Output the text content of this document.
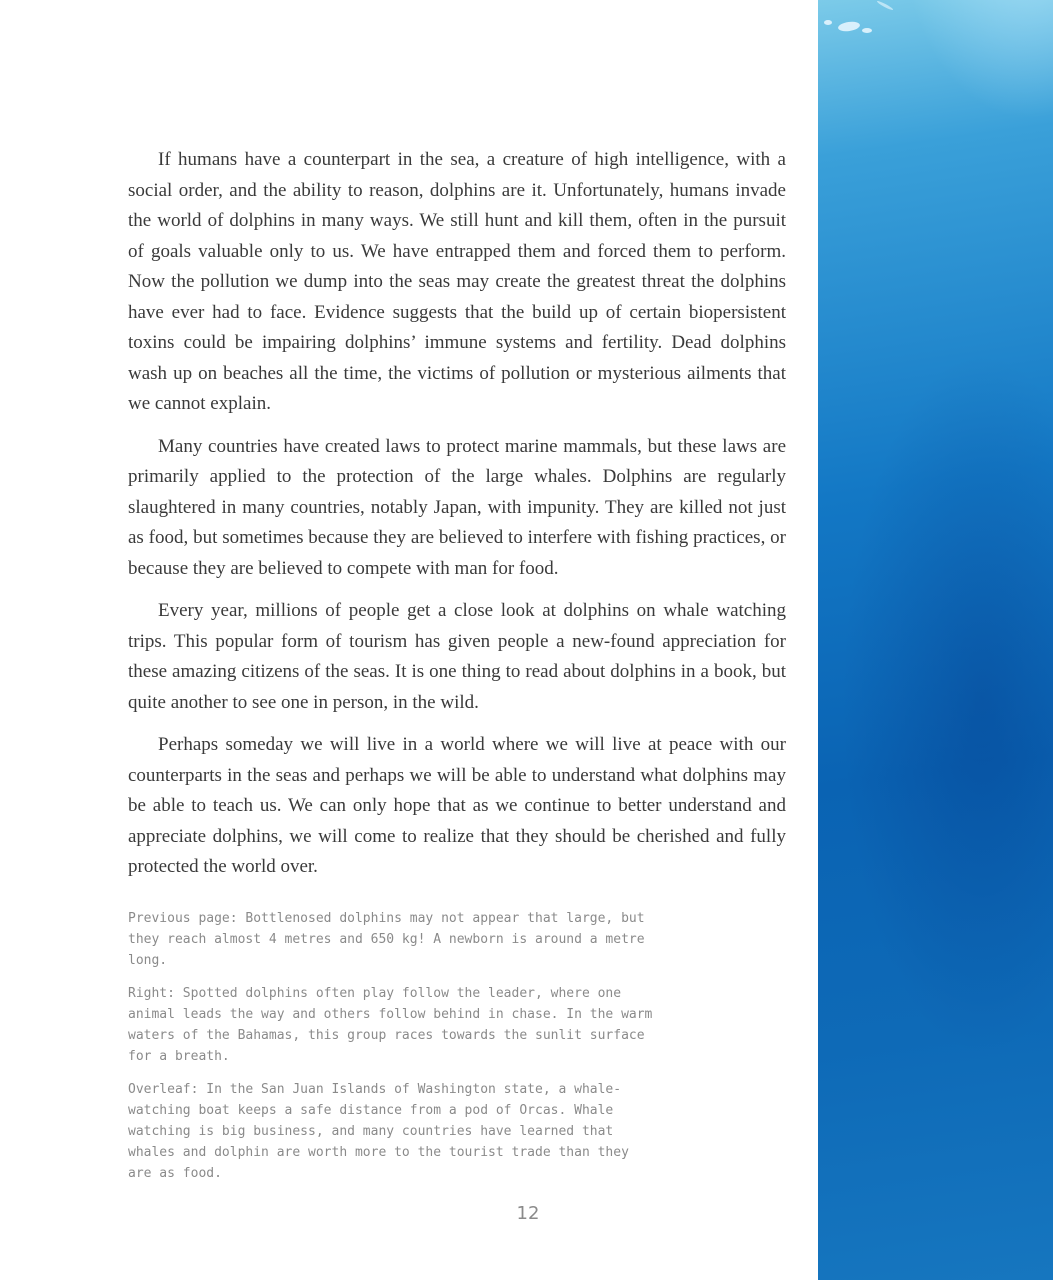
If humans have a counterpart in the sea, a creature of high intelligence, with a social order, and the ability to reason, dolphins are it. Unfortunately, humans invade the world of dolphins in many ways. We still hunt and kill them, often in the pursuit of goals valuable only to us. We have entrapped them and forced them to perform. Now the pollution we dump into the seas may create the greatest threat the dolphins have ever had to face. Evidence suggests that the build up of certain biopersistent toxins could be impairing dolphins’ immune systems and fertility. Dead dolphins wash up on beaches all the time, the victims of pollution or mysterious ailments that we cannot explain.

Many countries have created laws to protect marine mammals, but these laws are primarily applied to the protection of the large whales. Dolphins are regularly slaughtered in many countries, notably Japan, with impunity. They are killed not just as food, but sometimes because they are believed to interfere with fishing practices, or because they are believed to compete with man for food.

Every year, millions of people get a close look at dolphins on whale watching trips. This popular form of tourism has given people a new-found appreciation for these amazing citizens of the seas. It is one thing to read about dolphins in a book, but quite another to see one in person, in the wild.

Perhaps someday we will live in a world where we will live at peace with our counterparts in the seas and perhaps we will be able to understand what dolphins may be able to teach us. We can only hope that as we continue to better understand and appreciate dolphins, we will come to realize that they should be cherished and fully protected the world over.

Previous page: Bottlenosed dolphins may not appear that large, but they reach almost 4 metres and 650 kg! A newborn is around a metre long.

Right: Spotted dolphins often play follow the leader, where one animal leads the way and others follow behind in chase. In the warm waters of the Bahamas, this group races towards the sunlit surface for a breath.

Overleaf: In the San Juan Islands of Washington state, a whale-watching boat keeps a safe distance from a pod of Orcas. Whale watching is big business, and many countries have learned that whales and dolphin are worth more to the tourist trade than they are as food.

12
